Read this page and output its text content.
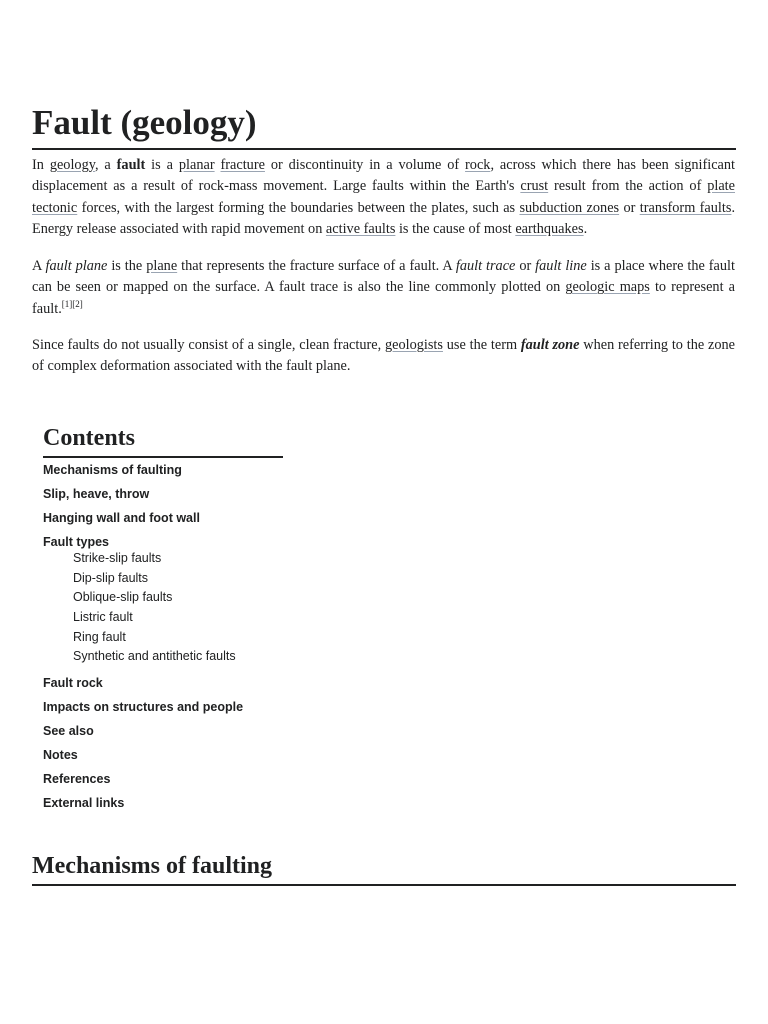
Fault (geology)

In geology, a fault is a planar fracture or discontinuity in a volume of rock, across which there has been significant displacement as a result of rock-mass movement. Large faults within the Earth's crust result from the action of plate tectonic forces, with the largest forming the boundaries between the plates, such as subduction zones or transform faults. Energy release associated with rapid movement on active faults is the cause of most earthquakes.

A fault plane is the plane that represents the fracture surface of a fault. A fault trace or fault line is a place where the fault can be seen or mapped on the surface. A fault trace is also the line commonly plotted on geologic maps to represent a fault.[1][2]

Since faults do not usually consist of a single, clean fracture, geologists use the term fault zone when referring to the zone of complex deformation associated with the fault plane.

Contents
Mechanisms of faulting
Slip, heave, throw
Hanging wall and foot wall
Fault types
Strike-slip faults
Dip-slip faults
Oblique-slip faults
Listric fault
Ring fault
Synthetic and antithetic faults
Fault rock
Impacts on structures and people
See also
Notes
References
External links
Mechanisms of faulting
